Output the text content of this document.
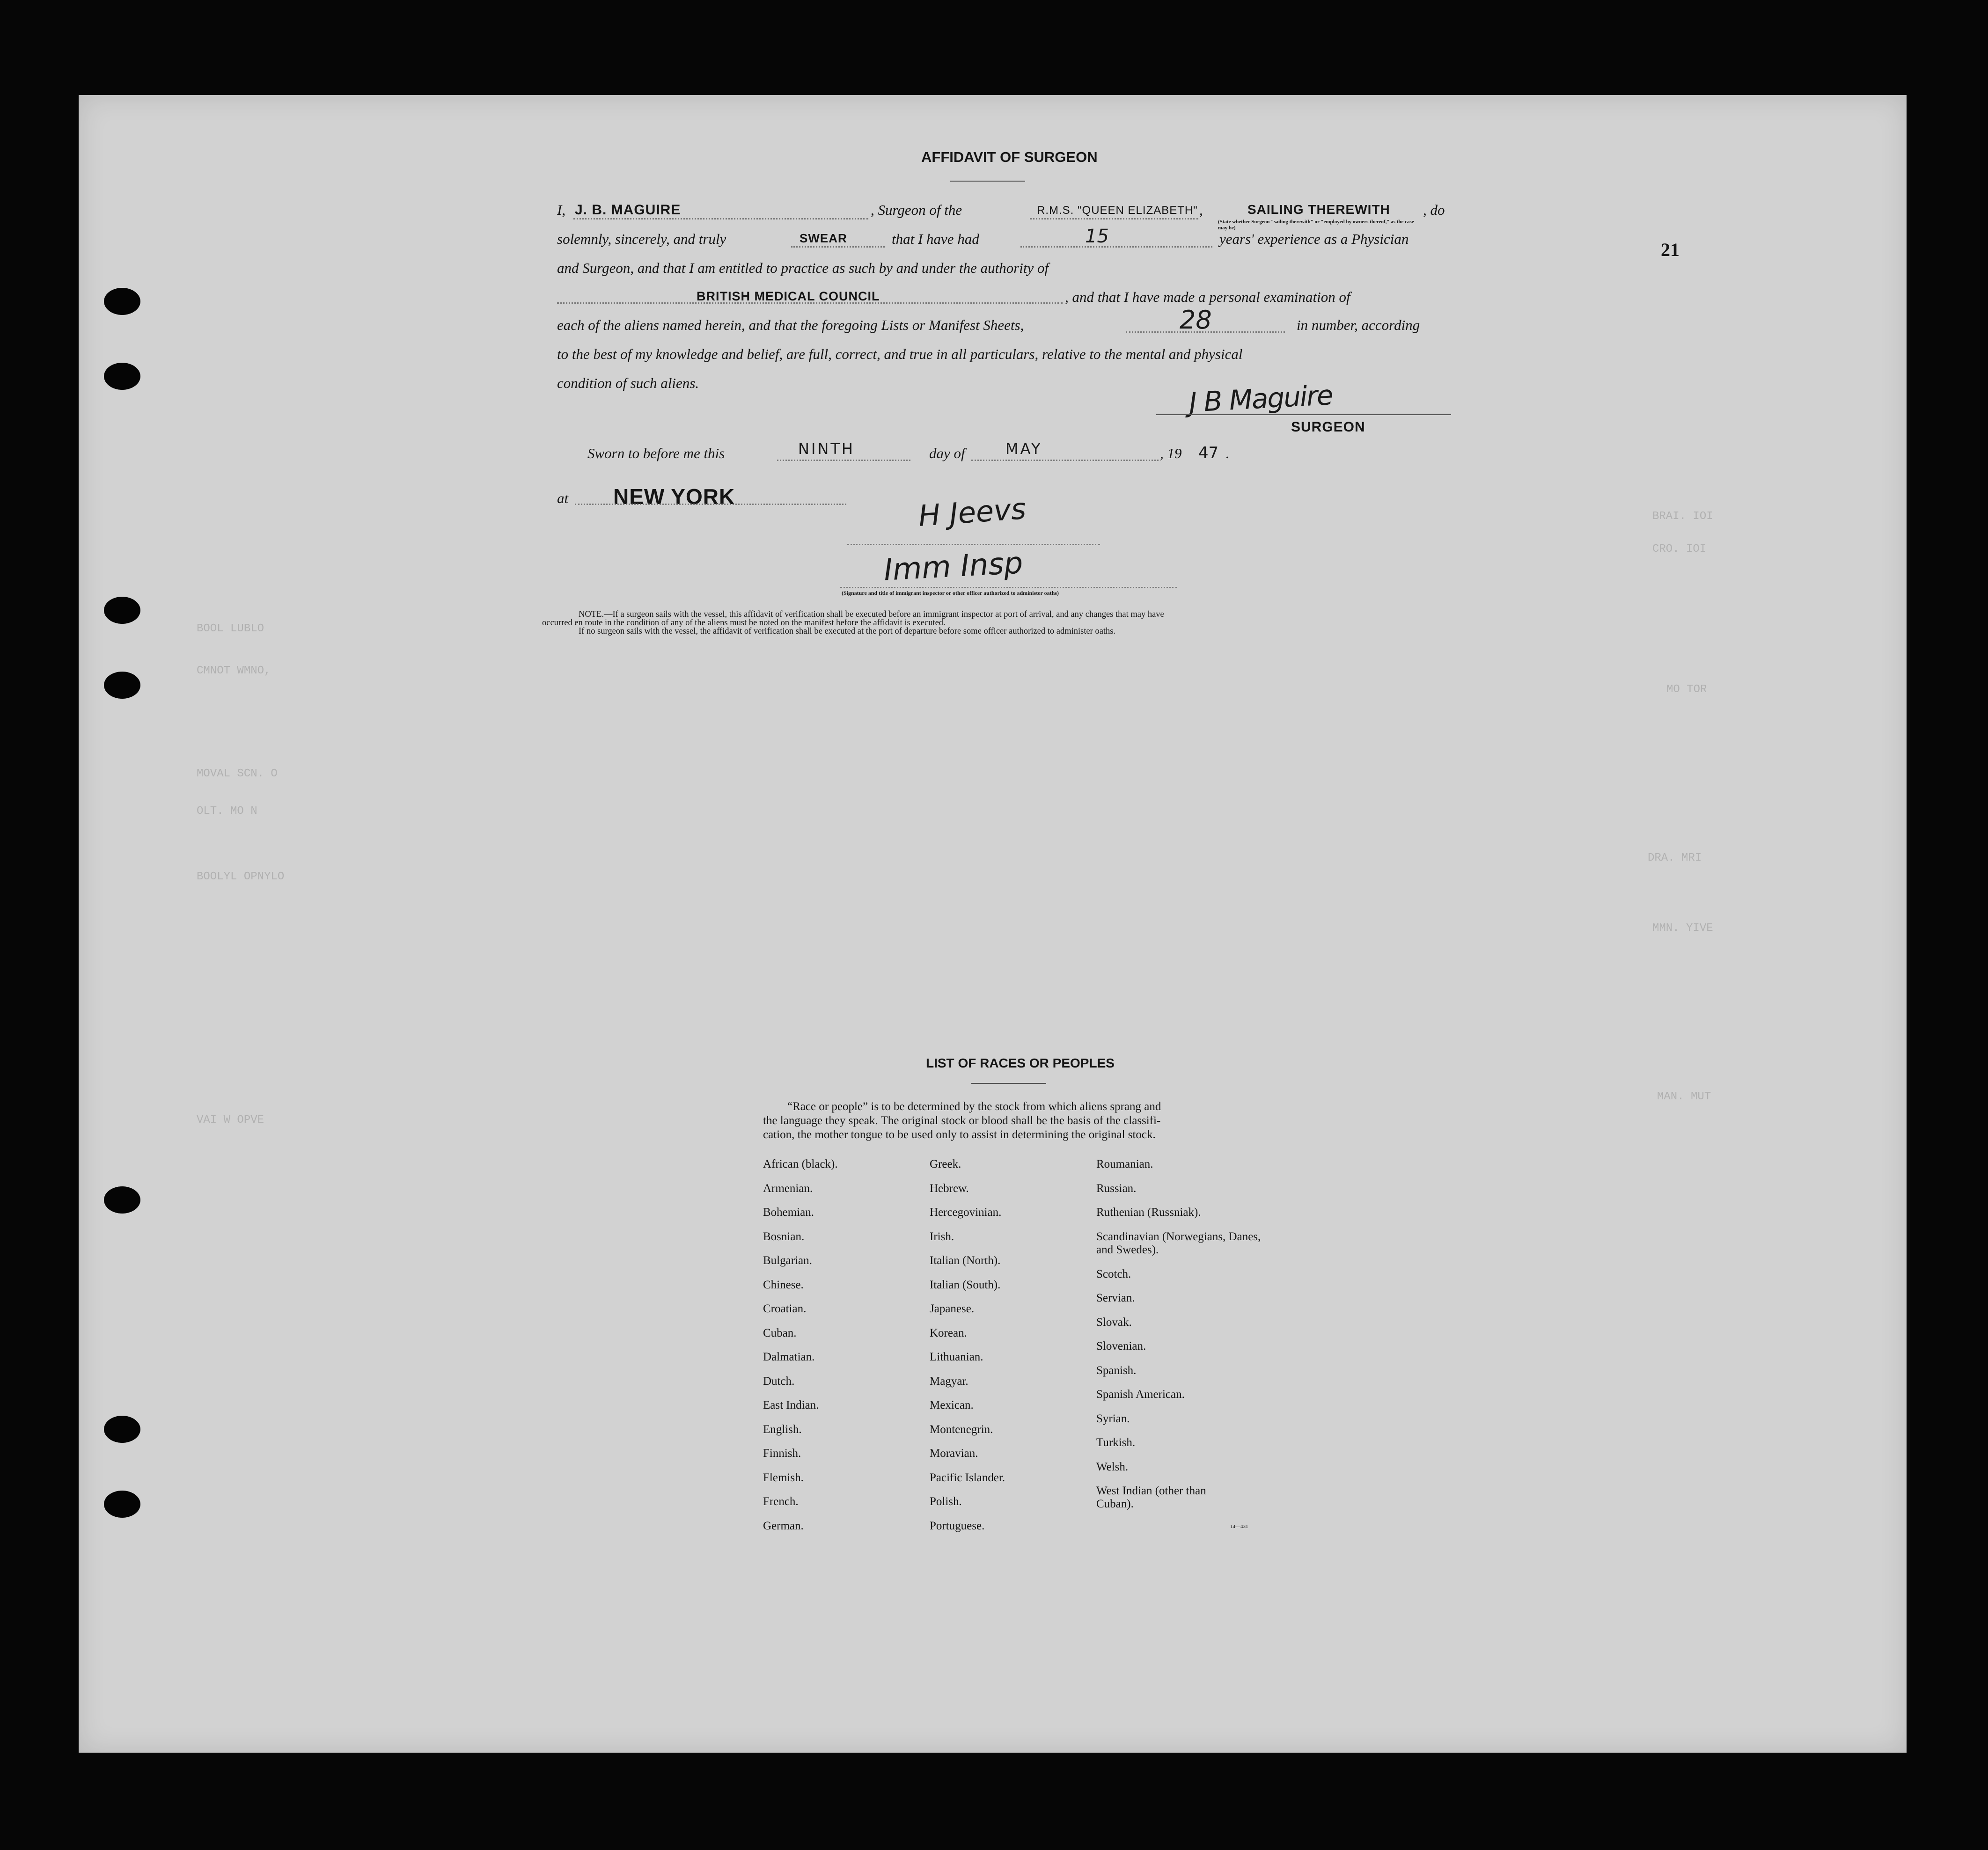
BOOL LUBLO
CMNOT WMNO,
MOVAL SCN. O
OLT. MO N
BOOLYL OPNYLO
VAI W OPVE
BRAI. IOI
CRO. IOI
MO TOR
DRA. MRI
MMN. YIVE
MAN. MUT
21
AFFIDAVIT OF SURGEON
I, J. B. MAGUIRE	, Surgeon of the	R.M.S. "QUEEN ELIZABETH" ,	SAILING THEREWITH
(State whether Surgeon "sailing therewith" or "employed by owners thereof," as the case may be)
, do
solemnly, sincerely, and truly	SWEAR	that I have had	15	years' experience as a Physician
and Surgeon, and that I am entitled to practice as such by and under the authority of
BRITISH MEDICAL COUNCIL	, and that I have made a personal examination of
each of the aliens named herein, and that the foregoing Lists or Manifest Sheets,	28	in number, according
to the best of my knowledge and belief, are full, correct, and true in all particulars, relative to the mental and physical
condition of such aliens.	J B Maguire
SURGEON
Sworn to before me this	NINTH	day of	MAY	, 19 47 .
at NEW YORK	H Jeevs
Imm Insp
(Signature and title of immigrant inspector or other officer authorized to administer oaths)
NOTE.—If a surgeon sails with the vessel, this affidavit of verification shall be executed before an immigrant inspector at port of arrival, and any changes that may have
occurred en route in the condition of any of the aliens must be noted on the manifest before the affidavit is executed.
If no surgeon sails with the vessel, the affidavit of verification shall be executed at the port of departure before some officer authorized to administer oaths.
LIST OF RACES OR PEOPLES
“Race or people” is to be determined by the stock from which aliens sprang and
the language they speak. The original stock or blood shall be the basis of the classifi-
cation, the mother tongue to be used only to assist in determining the original stock.
African (black).
Armenian.
Bohemian.
Bosnian.
Bulgarian.
Chinese.
Croatian.
Cuban.
Dalmatian.
Dutch.
East Indian.
English.
Finnish.
Flemish.
French.
German.
Greek.
Hebrew.
Hercegovinian.
Irish.
Italian (North).
Italian (South).
Japanese.
Korean.
Lithuanian.
Magyar.
Mexican.
Montenegrin.
Moravian.
Pacific Islander.
Polish.
Portuguese.
Roumanian.
Russian.
Ruthenian (Russniak).
Scandinavian (Norwegians, Danes, and Swedes).
Scotch.
Servian.
Slovak.
Slovenian.
Spanish.
Spanish American.
Syrian.
Turkish.
Welsh.
West Indian (other than Cuban).
14—431
